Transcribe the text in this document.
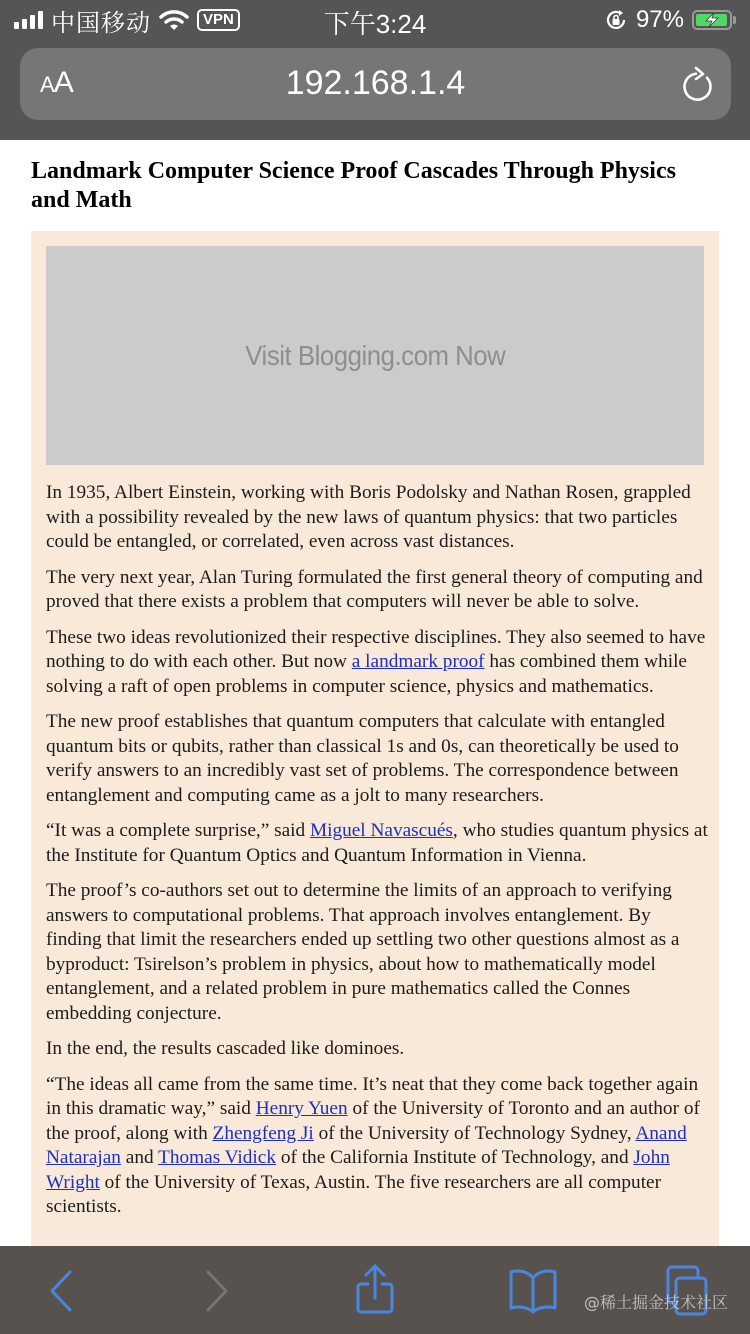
中国移动	VPN	下午3:24	97%
AA	192.168.1.4
Landmark Computer Science Proof Cascades Through Physics and Math
Visit Blogging.com Now

In 1935, Albert Einstein, working with Boris Podolsky and Nathan Rosen, grappled with a possibility revealed by the new laws of quantum physics: that two particles could be entangled, or correlated, even across vast distances.

The very next year, Alan Turing formulated the first general theory of computing and proved that there exists a problem that computers will never be able to solve.

These two ideas revolutionized their respective disciplines. They also seemed to have nothing to do with each other. But now a landmark proof has combined them while solving a raft of open problems in computer science, physics and mathematics.

The new proof establishes that quantum computers that calculate with entangled quantum bits or qubits, rather than classical 1s and 0s, can theoretically be used to verify answers to an incredibly vast set of problems. The correspondence between entanglement and computing came as a jolt to many researchers.

“It was a complete surprise,” said Miguel Navascués, who studies quantum physics at the Institute for Quantum Optics and Quantum Information in Vienna.

The proof’s co-authors set out to determine the limits of an approach to verifying answers to computational problems. That approach involves entanglement. By finding that limit the researchers ended up settling two other questions almost as a byproduct: Tsirelson’s problem in physics, about how to mathematically model entanglement, and a related problem in pure mathematics called the Connes embedding conjecture.

In the end, the results cascaded like dominoes.

“The ideas all came from the same time. It’s neat that they come back together again in this dramatic way,” said Henry Yuen of the University of Toronto and an author of the proof, along with Zhengfeng Ji of the University of Technology Sydney, Anand Natarajan and Thomas Vidick of the California Institute of Technology, and John Wright of the University of Texas, Austin. The five researchers are all computer scientists.

@稀土掘金技术社区
